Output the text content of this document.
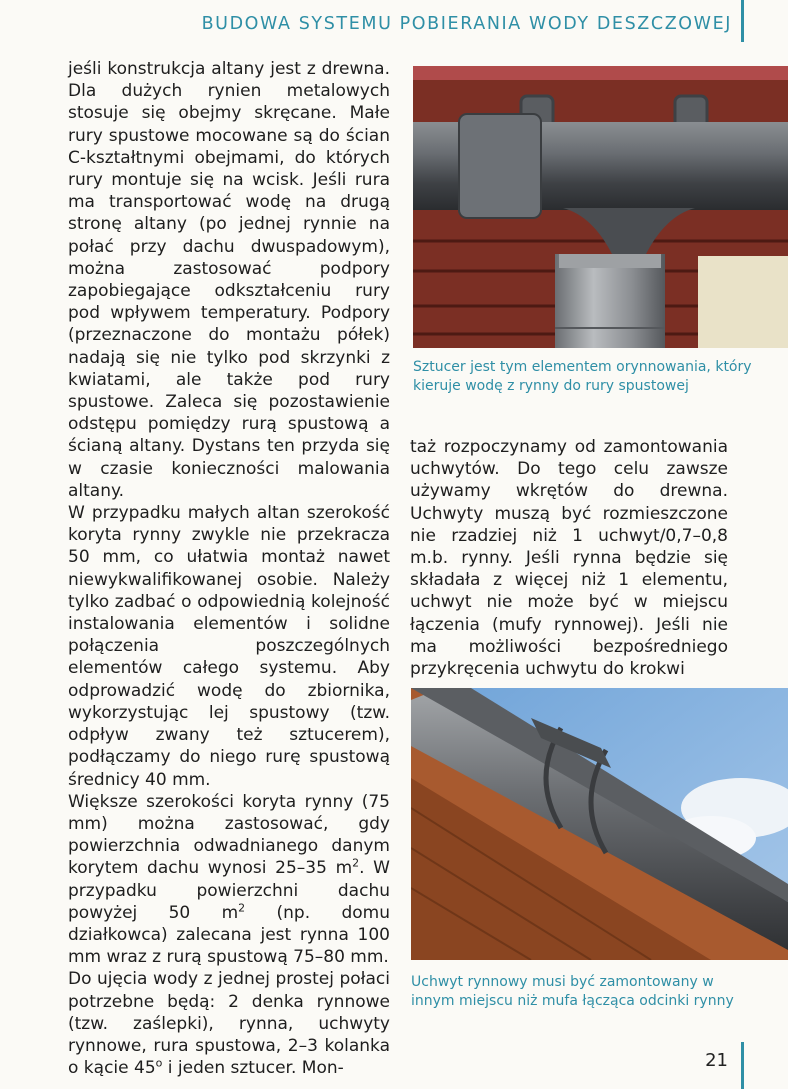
BUDOWA SYSTEMU POBIERANIA WODY DESZCZOWEJ

jeśli konstrukcja altany jest z drewna. Dla dużych rynien metalowych stosuje się obejmy skręcane. Małe rury spustowe mocowane są do ścian C-kształtnymi obejmami, do których rury montuje się na wcisk. Jeśli rura ma transportować wodę na drugą stronę altany (po jednej rynnie na połać przy dachu dwuspadowym), można zastosować podpory zapobiegające odkształceniu rury pod wpływem temperatury. Podpory (przeznaczone do montażu półek) nadają się nie tylko pod skrzynki z kwiatami, ale także pod rury spustowe. Zaleca się pozostawienie odstępu pomiędzy rurą spustową a ścianą altany. Dystans ten przyda się w czasie konieczności malowania altany.

W przypadku małych altan szerokość koryta rynny zwykle nie przekracza 50 mm, co ułatwia montaż nawet niewykwalifikowanej osobie. Należy tylko zadbać o odpowiednią kolejność instalowania elementów i solidne połączenia poszczególnych elementów całego systemu. Aby odprowadzić wodę do zbiornika, wykorzystując lej spustowy (tzw. odpływ zwany też sztucerem), podłączamy do niego rurę spustową średnicy 40 mm.

Większe szerokości koryta rynny (75 mm) można zastosować, gdy powierzchnia odwadnianego danym korytem dachu wynosi 25–35 $m^2$. W przypadku powierzchni dachu powyżej 50 $m^2$ (np. domu działkowca) zalecana jest rynna 100 mm wraz z rurą spustową 75–80 mm.

Do ujęcia wody z jednej prostej połaci potrzebne będą: 2 denka rynnowe (tzw. zaślepki), rynna, uchwyty rynnowe, rura spustowa, 2–3 kolanka o kącie 45$^o$ i jeden sztucer. Mon-

Sztucer jest tym elementem orynnowania, który kieruje wodę z rynny do rury spustowej

taż rozpoczynamy od zamontowania uchwytów. Do tego celu zawsze używamy wkrętów do drewna. Uchwyty muszą być rozmieszczone nie rzadziej niż 1 uchwyt/0,7–0,8 m.b. rynny. Jeśli rynna będzie się składała z więcej niż 1 elementu, uchwyt nie może być w miejscu łączenia (mufy rynnowej). Jeśli nie ma możliwości bezpośredniego przykręcenia uchwytu do krokwi

Uchwyt rynnowy musi być zamontowany w innym miejscu niż mufa łącząca odcinki rynny
21
